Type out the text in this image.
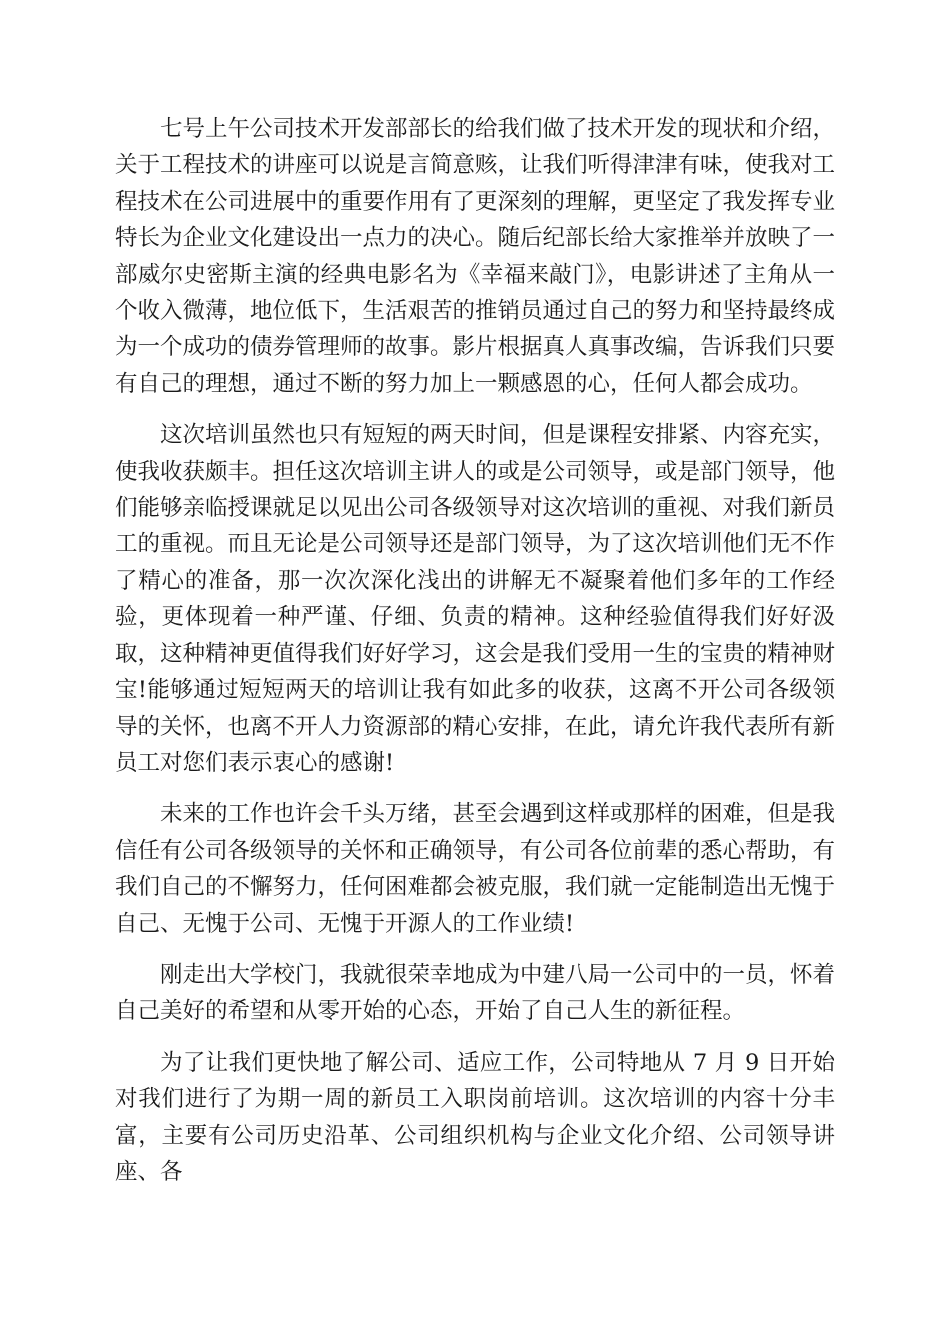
七号上午公司技术开发部部长的给我们做了技术开发的现状和介绍，关于工程技术的讲座可以说是言简意赅，让我们听得津津有味，使我对工程技术在公司进展中的重要作用有了更深刻的理解，更坚定了我发挥专业特长为企业文化建设出一点力的决心。随后纪部长给大家推举并放映了一部威尔史密斯主演的经典电影名为《幸福来敲门》，电影讲述了主角从一个收入微薄，地位低下，生活艰苦的推销员通过自己的努力和坚持最终成为一个成功的债券管理师的故事。影片根据真人真事改编，告诉我们只要有自己的理想，通过不断的努力加上一颗感恩的心，任何人都会成功。

这次培训虽然也只有短短的两天时间，但是课程安排紧、内容充实，使我收获颇丰。担任这次培训主讲人的或是公司领导，或是部门领导，他们能够亲临授课就足以见出公司各级领导对这次培训的重视、对我们新员工的重视。而且无论是公司领导还是部门领导，为了这次培训他们无不作了精心的准备，那一次次深化浅出的讲解无不凝聚着他们多年的工作经验，更体现着一种严谨、仔细、负责的精神。这种经验值得我们好好汲取，这种精神更值得我们好好学习，这会是我们受用一生的宝贵的精神财宝!能够通过短短两天的培训让我有如此多的收获，这离不开公司各级领导的关怀，也离不开人力资源部的精心安排，在此，请允许我代表所有新员工对您们表示衷心的感谢!

未来的工作也许会千头万绪，甚至会遇到这样或那样的困难，但是我信任有公司各级领导的关怀和正确领导，有公司各位前辈的悉心帮助，有我们自己的不懈努力，任何困难都会被克服，我们就一定能制造出无愧于自己、无愧于公司、无愧于开源人的工作业绩!

刚走出大学校门，我就很荣幸地成为中建八局一公司中的一员，怀着自己美好的希望和从零开始的心态，开始了自己人生的新征程。

为了让我们更快地了解公司、适应工作，公司特地从 7 月 9 日开始对我们进行了为期一周的新员工入职岗前培训。这次培训的内容十分丰富，主要有公司历史沿革、公司组织机构与企业文化介绍、公司领导讲座、各
